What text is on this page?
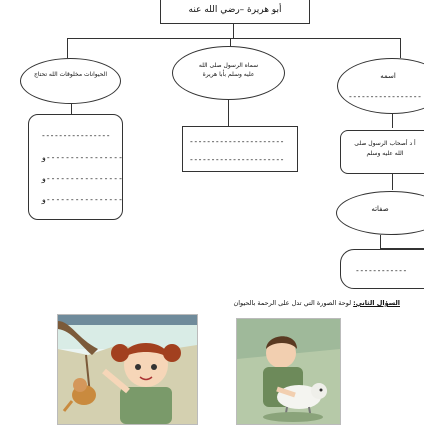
أبو هريرة –رضي الله عنه
الحيوانات مخلوقات الله تحتاج
----------------
----------------و
----------------و
----------------و
سماه الرسول صلى الله عليه وسلم بأبا هريرة
----------------------
----------------------
اسمه
-----------------
أ‌ د أصحاب الرسول صلى الله عليه وسلم
صفاته
------------
السؤال الثاني: لوحة الصورة التي تدل على الرحمة بالحيوان
